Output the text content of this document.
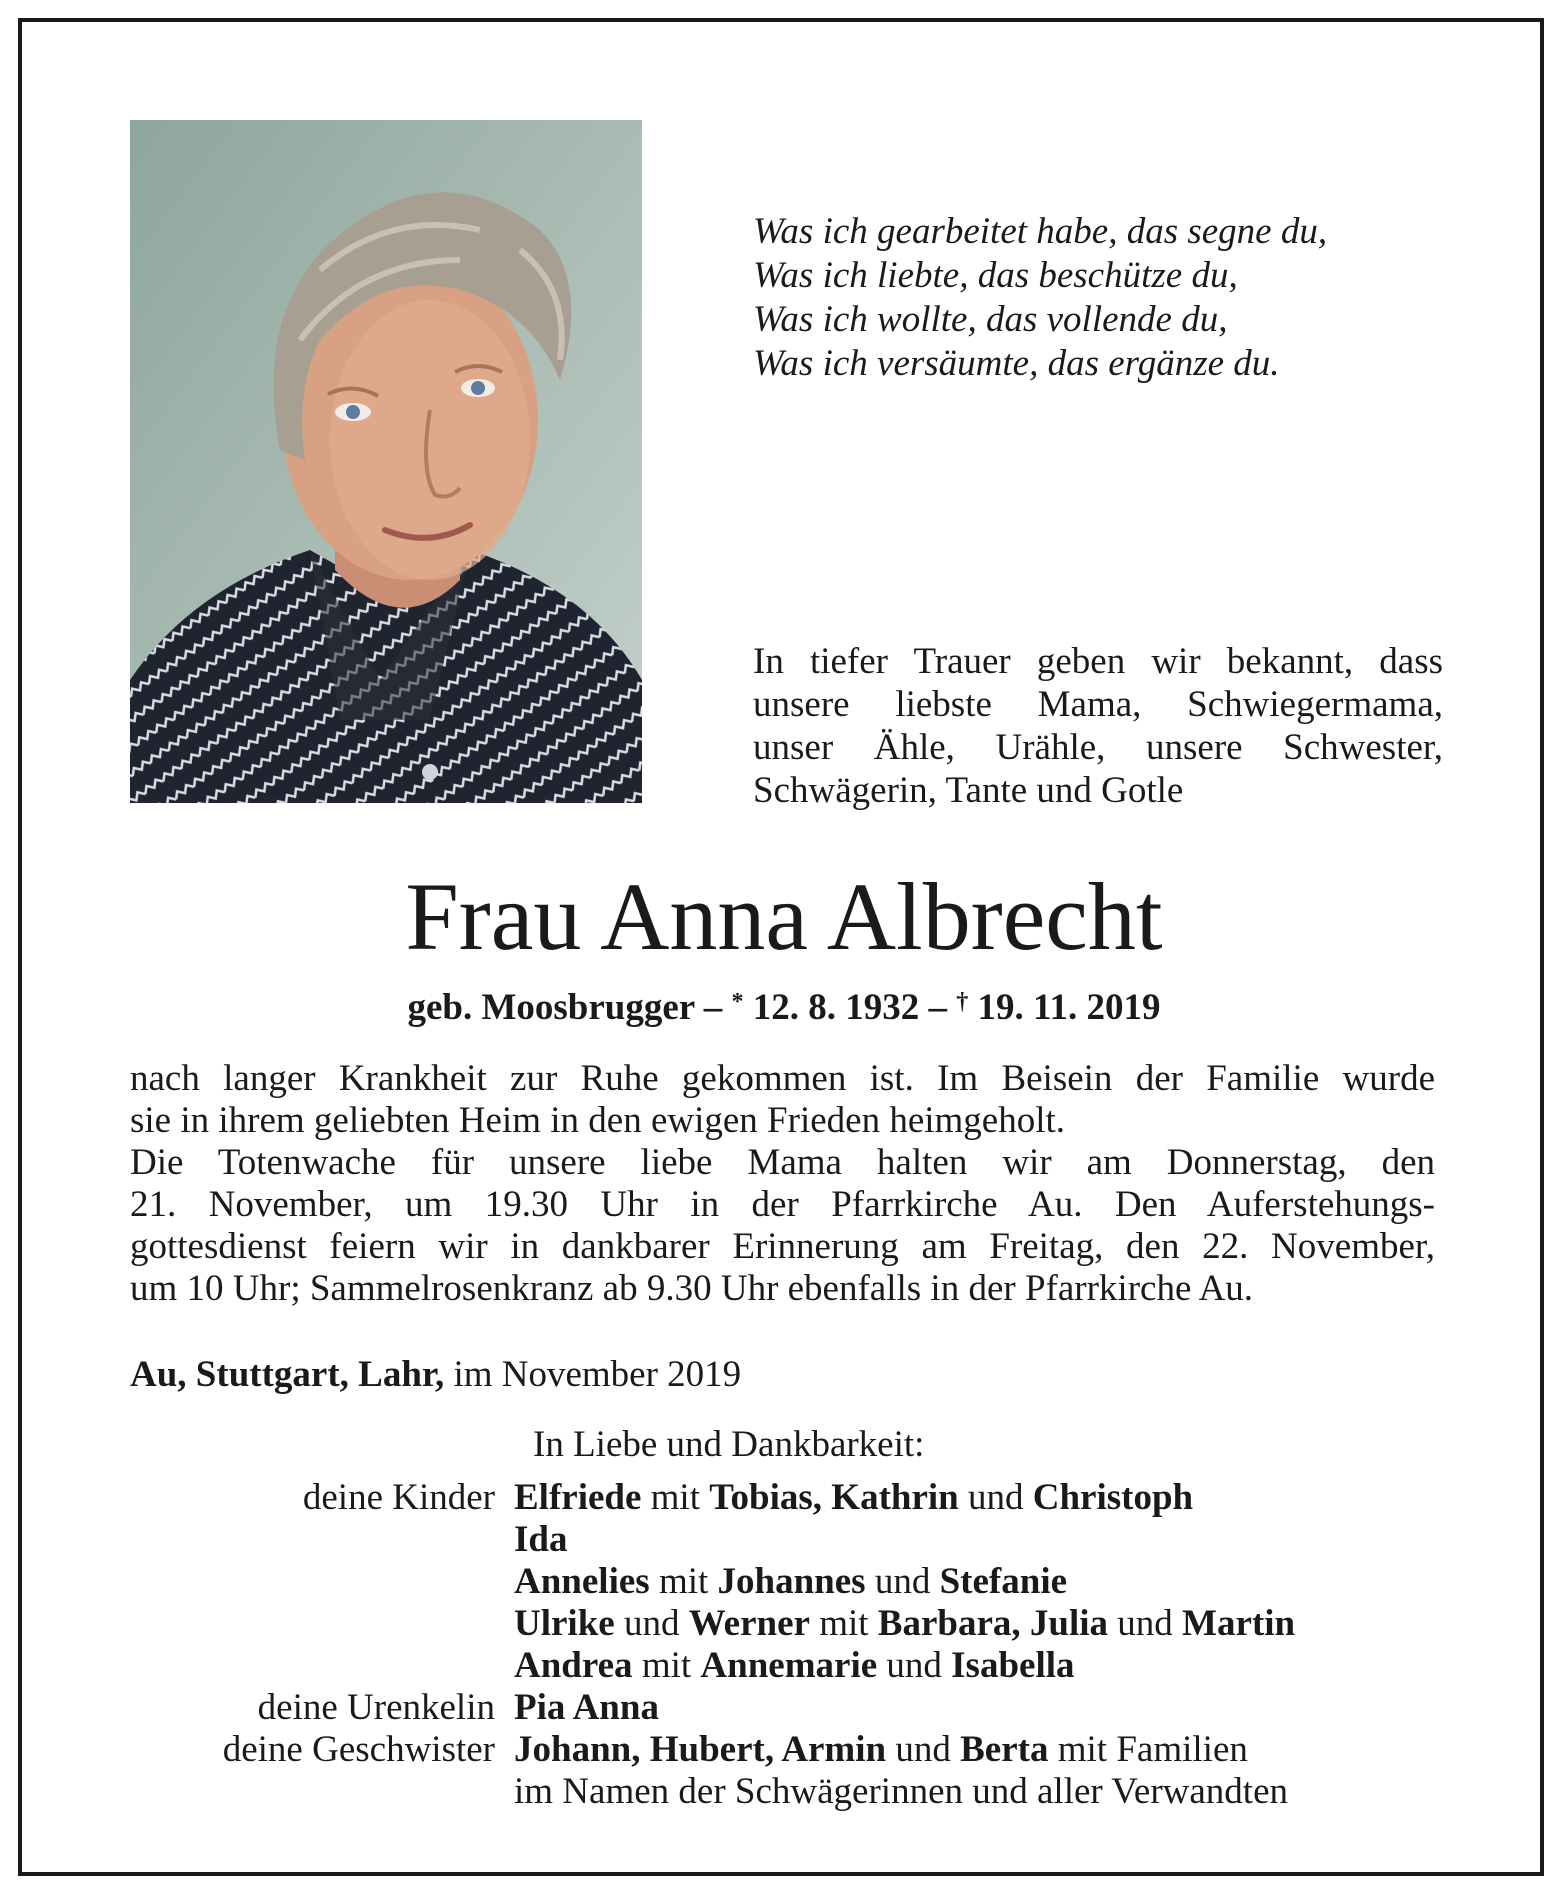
Was ich gearbeitet habe, das segne du,
Was ich liebte, das beschütze du,
Was ich wollte, das vollende du,
Was ich versäumte, das ergänze du.
In tiefer Trauer geben wir bekannt, dass
unsere liebste Mama, Schwiegermama,
unser Ähle, Urähle, unsere Schwester,
Schwägerin, Tante und Gotle
Frau Anna Albrecht
geb. Moosbrugger – * 12. 8. 1932 – † 19. 11. 2019
nach langer Krankheit zur Ruhe gekommen ist. Im Beisein der Familie wurde
sie in ihrem geliebten Heim in den ewigen Frieden heimgeholt.
Die Totenwache für unsere liebe Mama halten wir am Donnerstag, den
21. November, um 19.30 Uhr in der Pfarrkirche Au. Den Auferstehungs-
gottesdienst feiern wir in dankbarer Erinnerung am Freitag, den 22. November,
um 10 Uhr; Sammelrosenkranz ab 9.30 Uhr ebenfalls in der Pfarrkirche Au.
Au, Stuttgart, Lahr, im November 2019
In Liebe und Dankbarkeit:
deine Kinder Elfriede mit Tobias, Kathrin und Christoph
Ida
Annelies mit Johannes und Stefanie
Ulrike und Werner mit Barbara, Julia und Martin
Andrea mit Annemarie und Isabella
deine Urenkelin Pia Anna
deine Geschwister Johann, Hubert, Armin und Berta mit Familien
im Namen der Schwägerinnen und aller Verwandten
